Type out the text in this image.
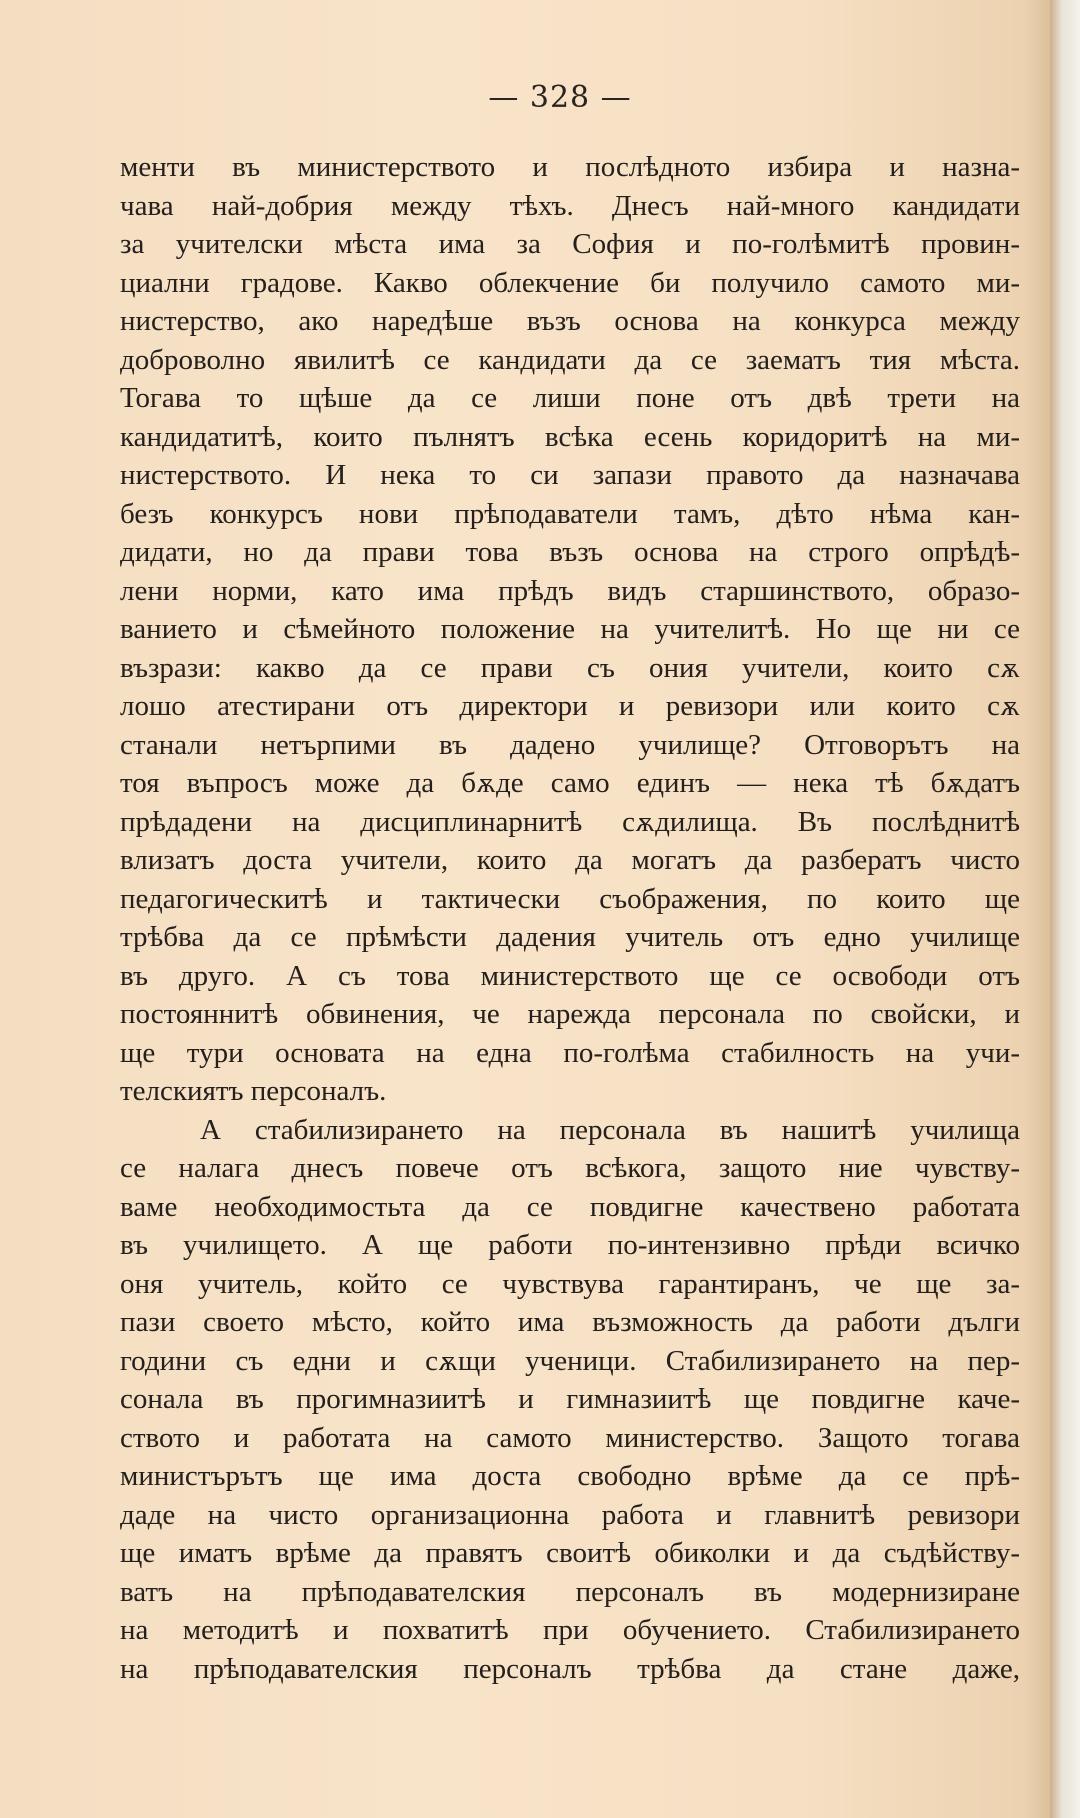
— 328 —
менти въ министерството и послѣдното избира и назна-
чава най-добрия между тѣхъ. Днесъ най-много кандидати
за учителски мѣста има за София и по-голѣмитѣ провин-
циални градове. Какво облекчение би получило самото ми-
нистерство, ако наредѣше възъ основа на конкурса между
доброволно явилитѣ се кандидати да се заематъ тия мѣста.
Тогава то щѣше да се лиши поне отъ двѣ трети на
кандидатитѣ, които пълнятъ всѣка есень коридоритѣ на ми-
нистерството. И нека то си запази правото да назначава
безъ конкурсъ нови прѣподаватели тамъ, дѣто нѣма кан-
дидати, но да прави това възъ основа на строго опрѣдѣ-
лени норми, като има прѣдъ видъ старшинството, образо-
ванието и сѣмейното положение на учителитѣ. Но ще ни се
възрази: какво да се прави съ ония учители, които сѫ
лошо атестирани отъ директори и ревизори или които сѫ
станали нетърпими въ дадено училище? Отговорътъ на
тоя въпросъ може да бѫде само единъ — нека тѣ бѫдатъ
прѣдадени на дисциплинарнитѣ сѫдилища. Въ послѣднитѣ
влизатъ доста учители, които да могатъ да разбератъ чисто
педагогическитѣ и тактически съображения, по които ще
трѣбва да се прѣмѣсти дадения учитель отъ едно училище
въ друго. А съ това министерството ще се освободи отъ
постояннитѣ обвинения, че нарежда персонала по свойски, и
ще тури основата на една по-голѣма стабилность на учи-
телскиятъ персоналъ.
А стабилизирането на персонала въ нашитѣ училища
се налага днесъ повече отъ всѣкога, защото ние чувству-
ваме необходимостьта да се повдигне качествено работата
въ училището. А ще работи по-интензивно прѣди всичко
оня учитель, който се чувствува гарантиранъ, че ще за-
пази своето мѣсто, който има възможность да работи дълги
години съ едни и сѫщи ученици. Стабилизирането на пер-
сонала въ прогимназиитѣ и гимназиитѣ ще повдигне каче-
ството и работата на самото министерство. Защото тогава
министърътъ ще има доста свободно врѣме да се прѣ-
даде на чисто организационна работа и главнитѣ ревизори
ще иматъ врѣме да правятъ своитѣ обиколки и да съдѣйству-
ватъ на прѣподавателския персоналъ въ модернизиране
на методитѣ и похватитѣ при обучението. Стабилизирането
на прѣподавателския персоналъ трѣбва да стане даже,
